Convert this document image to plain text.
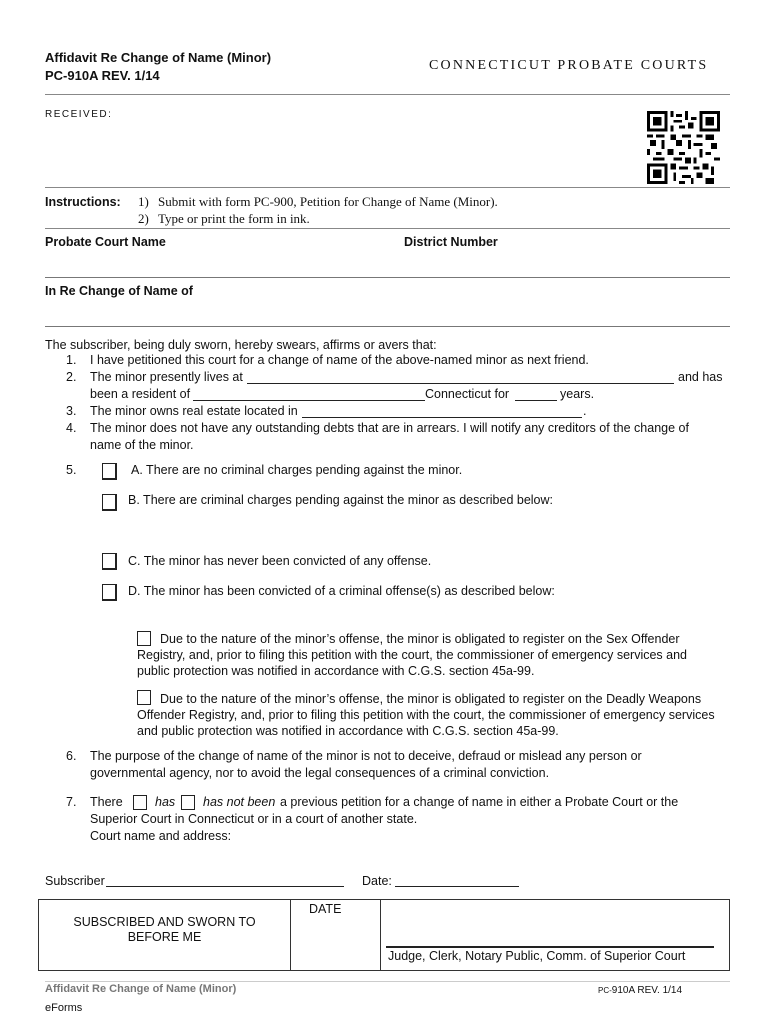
Affidavit Re Change of Name (Minor)
PC-910A REV. 1/14
CONNECTICUT PROBATE COURTS
RECEIVED:
Instructions: 1) Submit with form PC-900, Petition for Change of Name (Minor).
2) Type or print the form in ink.
Probate Court Name	District Number
In Re Change of Name of
The subscriber, being duly sworn, hereby swears, affirms or avers that:
1. I have petitioned this court for a change of name of the above-named minor as next friend.
2. The minor presently lives at	and has
been a resident of	Connecticut for	years.
3. The minor owns real estate located in	.
4. The minor does not have any outstanding debts that are in arrears. I will notify any creditors of the change of
name of the minor.
5.	A. There are no criminal charges pending against the minor.
B. There are criminal charges pending against the minor as described below:
C. The minor has never been convicted of any offense.
D. The minor has been convicted of a criminal offense(s) as described below:
Due to the nature of the minor’s offense, the minor is obligated to register on the Sex Offender
Registry, and, prior to filing this petition with the court, the commissioner of emergency services and
public protection was notified in accordance with C.G.S. section 45a-99.
Due to the nature of the minor’s offense, the minor is obligated to register on the Deadly Weapons
Offender Registry, and, prior to filing this petition with the court, the commissioner of emergency services
and public protection was notified in accordance with C.G.S. section 45a-99.
6. The purpose of the change of name of the minor is not to deceive, defraud or mislead any person or
governmental agency, nor to avoid the legal consequences of a criminal conviction.
7. There	has has not been a previous petition for a change of name in either a Probate Court or the
Superior Court in Connecticut or in a court of another state.
Court name and address:
Subscriber	Date:
SUBSCRIBED AND SWORN TO
BEFORE ME
DATE
Judge, Clerk, Notary Public, Comm. of Superior Court
Affidavit Re Change of Name (Minor)	PC-910A REV. 1/14
eForms
